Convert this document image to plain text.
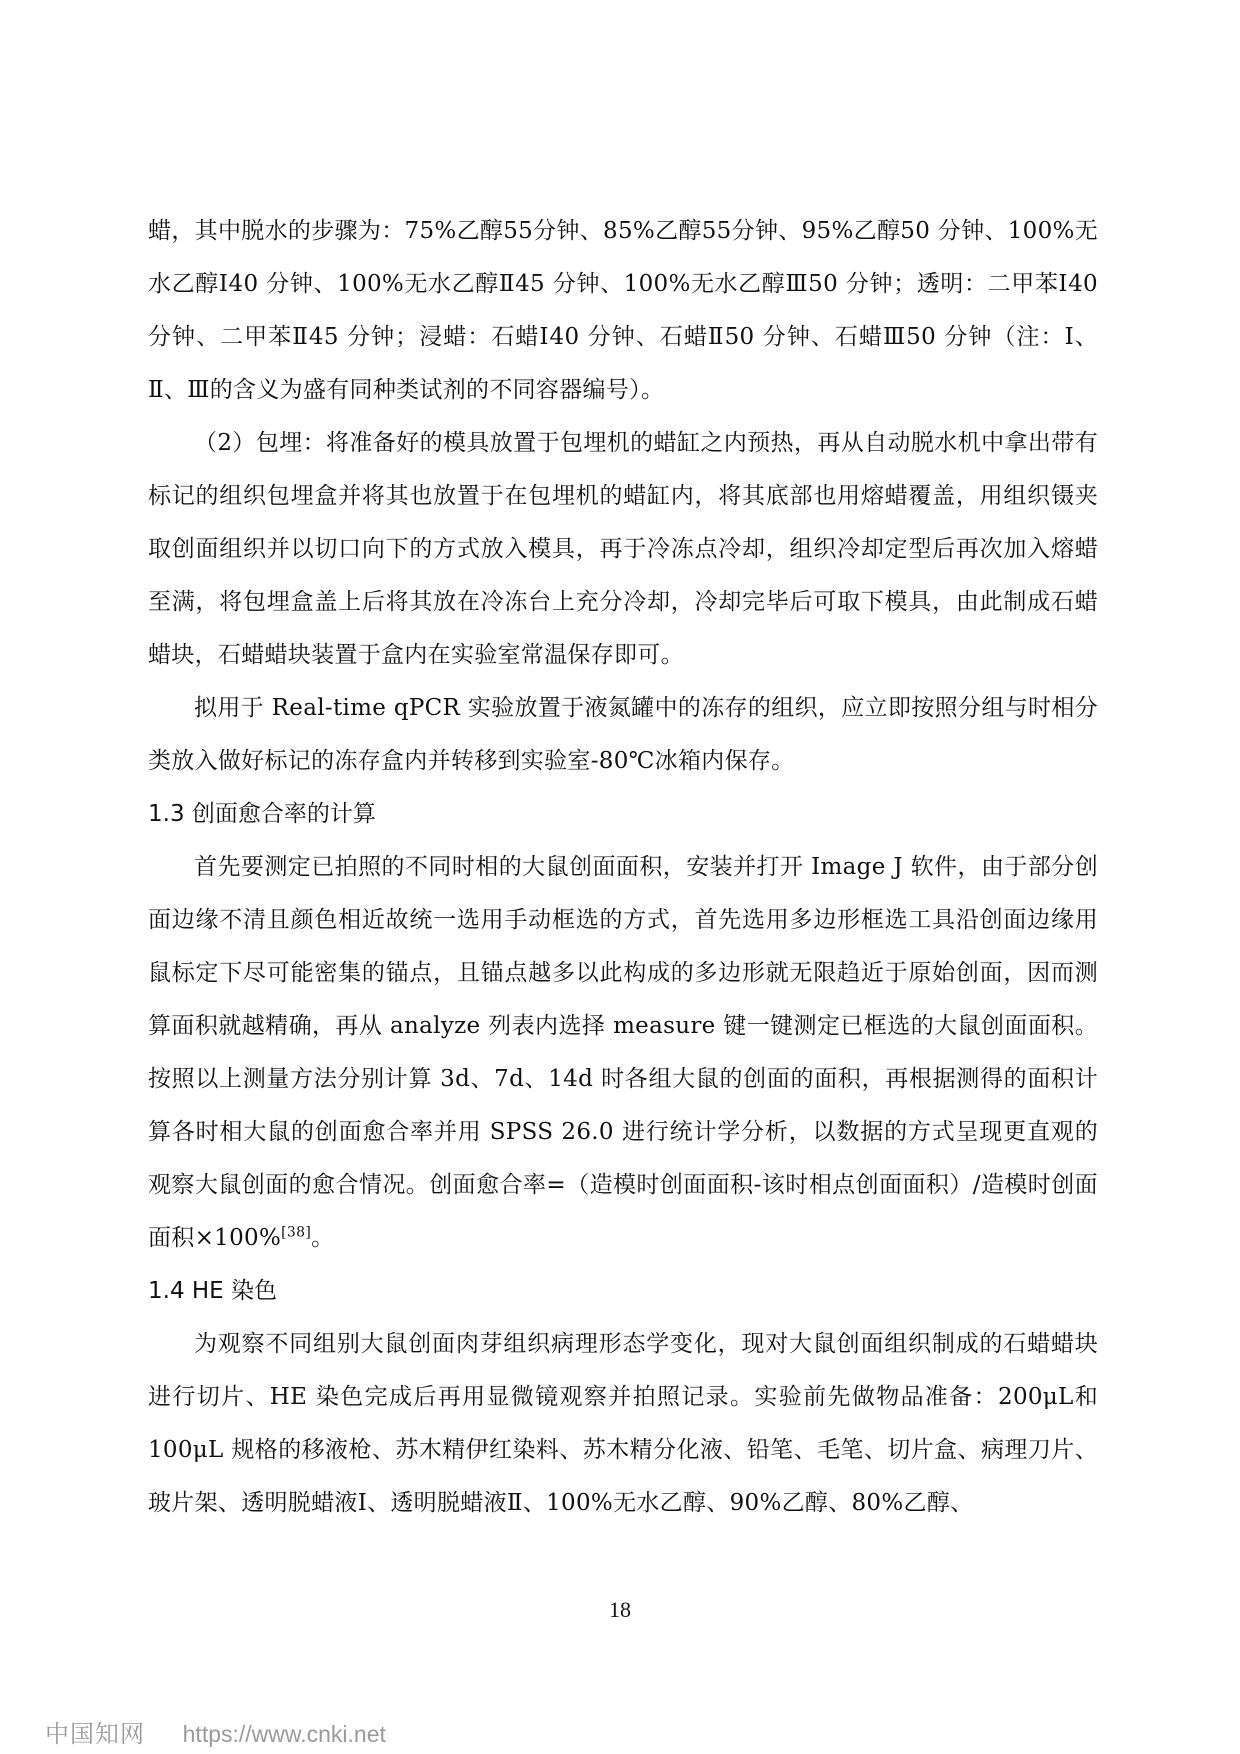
蜡，其中脱水的步骤为：75%乙醇55分钟、85%乙醇55分钟、95%乙醇50 分钟、100%无水乙醇Ⅰ40 分钟、100%无水乙醇Ⅱ45 分钟、100%无水乙醇Ⅲ50 分钟；透明：二甲苯Ⅰ40 分钟、二甲苯Ⅱ45 分钟；浸蜡：石蜡Ⅰ40 分钟、石蜡Ⅱ50 分钟、石蜡Ⅲ50 分钟（注：Ⅰ、Ⅱ、Ⅲ的含义为盛有同种类试剂的不同容器编号）。

（2）包埋：将准备好的模具放置于包埋机的蜡缸之内预热，再从自动脱水机中拿出带有标记的组织包埋盒并将其也放置于在包埋机的蜡缸内，将其底部也用熔蜡覆盖，用组织镊夹取创面组织并以切口向下的方式放入模具，再于冷冻点冷却，组织冷却定型后再次加入熔蜡至满，将包埋盒盖上后将其放在冷冻台上充分冷却，冷却完毕后可取下模具，由此制成石蜡蜡块，石蜡蜡块装置于盒内在实验室常温保存即可。

拟用于 Real-time qPCR 实验放置于液氮罐中的冻存的组织，应立即按照分组与时相分类放入做好标记的冻存盒内并转移到实验室-80℃冰箱内保存。

1.3 创面愈合率的计算

首先要测定已拍照的不同时相的大鼠创面面积，安装并打开 Image J 软件，由于部分创面边缘不清且颜色相近故统一选用手动框选的方式，首先选用多边形框选工具沿创面边缘用鼠标定下尽可能密集的锚点，且锚点越多以此构成的多边形就无限趋近于原始创面，因而测算面积就越精确，再从 analyze 列表内选择 measure 键一键测定已框选的大鼠创面面积。按照以上测量方法分别计算 3d、7d、14d 时各组大鼠的创面的面积，再根据测得的面积计算各时相大鼠的创面愈合率并用 SPSS 26.0 进行统计学分析，以数据的方式呈现更直观的观察大鼠创面的愈合情况。创面愈合率=（造模时创面面积-该时相点创面面积）/造模时创面面积×100%[38]。

1.4 HE 染色

为观察不同组别大鼠创面肉芽组织病理形态学变化，现对大鼠创面组织制成的石蜡蜡块进行切片、HE 染色完成后再用显微镜观察并拍照记录。实验前先做物品准备：200μL和 100μL 规格的移液枪、苏木精伊红染料、苏木精分化液、铅笔、毛笔、切片盒、病理刀片、玻片架、透明脱蜡液Ⅰ、透明脱蜡液Ⅱ、100%无水乙醇、90%乙醇、80%乙醇、

18
中国知网 https://www.cnki.net
